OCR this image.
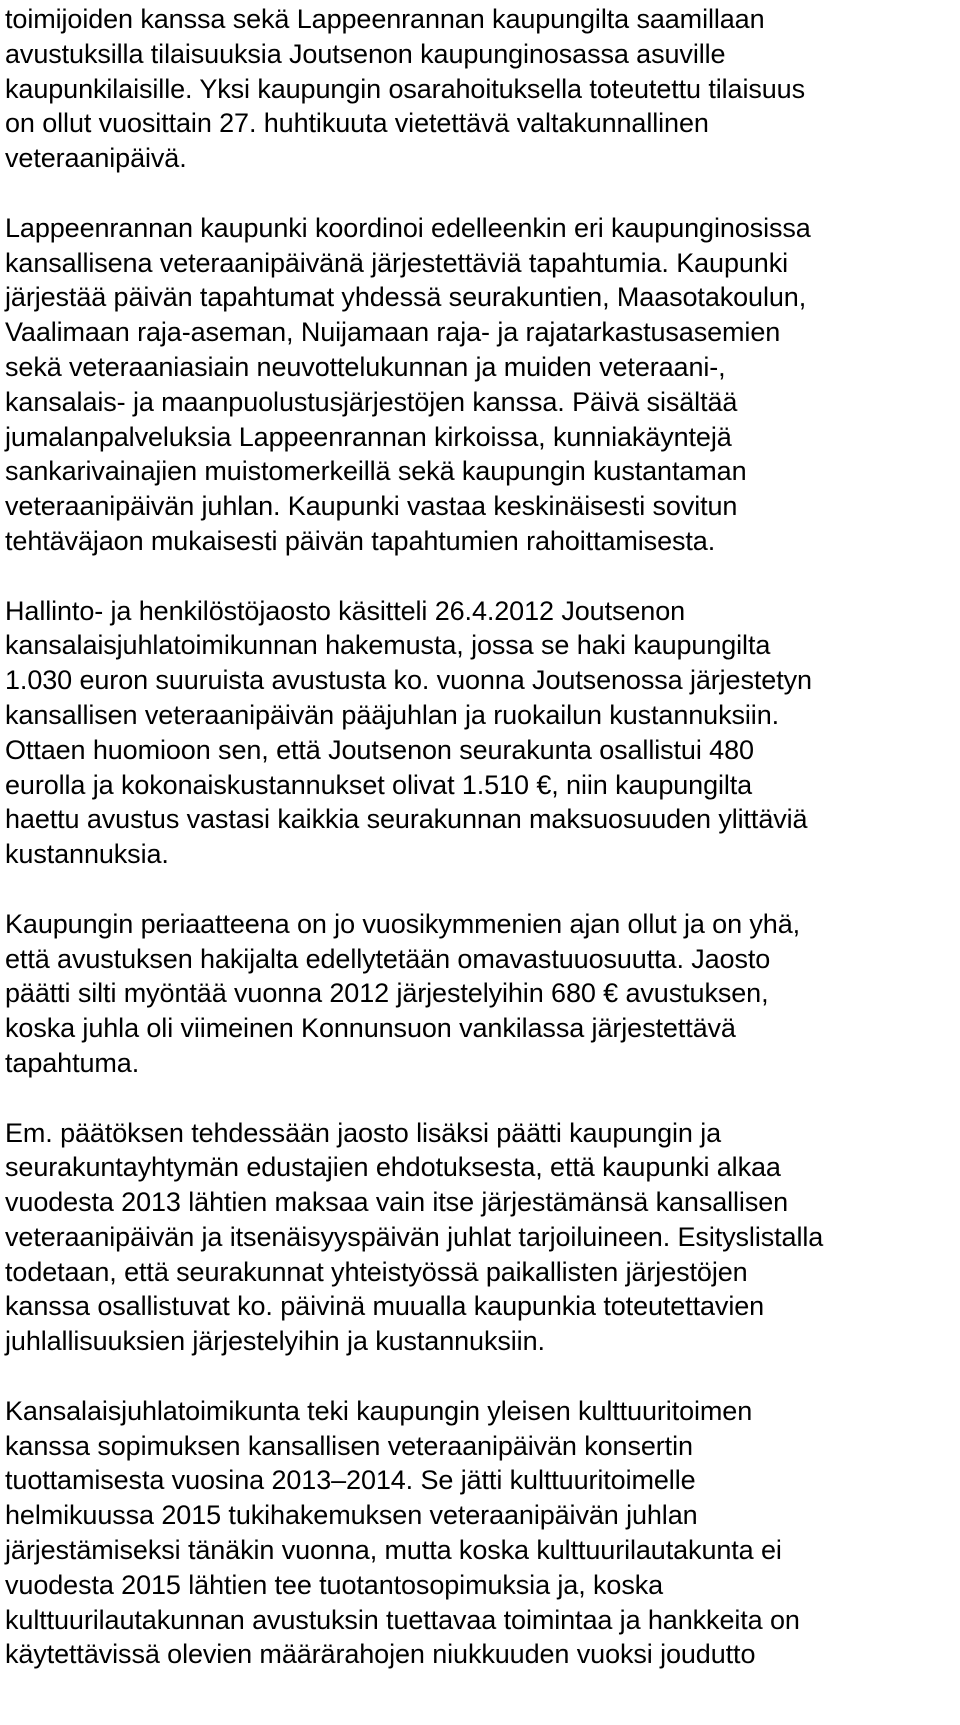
toimijoiden kanssa sekä Lappeenrannan kaupungilta saamillaan
avustuksilla tilaisuuksia Joutsenon kaupunginosassa asuville
kaupunkilaisille. Yksi kaupungin osarahoituksella toteutettu tilaisuus
on ollut vuosittain 27. huhtikuuta vietettävä valtakunnallinen
veteraanipäivä.

Lappeenrannan kaupunki koordinoi edelleenkin eri kaupunginosissa
kansallisena veteraanipäivänä järjestettäviä tapahtumia. Kaupunki
järjestää päivän tapahtumat yhdessä seurakuntien, Maasotakoulun,
Vaalimaan raja-aseman, Nuijamaan raja- ja rajatarkastusasemien
sekä veteraaniasiain neuvottelukunnan ja muiden veteraani-,
kansalais- ja maanpuolustusjärjestöjen kanssa. Päivä sisältää
jumalanpalveluksia Lappeenrannan kirkoissa, kunniakäyntejä
sankarivainajien muistomerkeillä sekä kaupungin kustantaman
veteraanipäivän juhlan. Kaupunki vastaa keskinäisesti sovitun
tehtäväjaon mukaisesti päivän tapahtumien rahoittamisesta.

Hallinto- ja henkilöstöjaosto käsitteli 26.4.2012 Joutsenon
kansalaisjuhlatoimikunnan hakemusta, jossa se haki kaupungilta
1.030 euron suuruista avustusta ko. vuonna Joutsenossa järjestetyn
kansallisen veteraanipäivän pääjuhlan ja ruokailun kustannuksiin.
Ottaen huomioon sen, että Joutsenon seurakunta osallistui 480
eurolla ja kokonaiskustannukset olivat 1.510 €, niin kaupungilta
haettu avustus vastasi kaikkia seurakunnan maksuosuuden ylittäviä
kustannuksia.

Kaupungin periaatteena on jo vuosikymmenien ajan ollut ja on yhä,
että avustuksen hakijalta edellytetään omavastuuosuutta. Jaosto
päätti silti myöntää vuonna 2012 järjestelyihin 680 € avustuksen,
koska juhla oli viimeinen Konnunsuon vankilassa järjestettävä
tapahtuma.

Em. päätöksen tehdessään jaosto lisäksi päätti kaupungin ja
seurakuntayhtymän edustajien ehdotuksesta, että kaupunki alkaa
vuodesta 2013 lähtien maksaa vain itse järjestämänsä kansallisen
veteraanipäivän ja itsenäisyyspäivän juhlat tarjoiluineen. Esityslistalla
todetaan, että seurakunnat yhteistyössä paikallisten järjestöjen
kanssa osallistuvat ko. päivinä muualla kaupunkia toteutettavien
juhlallisuuksien järjestelyihin ja kustannuksiin.

Kansalaisjuhlatoimikunta teki kaupungin yleisen kulttuuritoimen
kanssa sopimuksen kansallisen veteraanipäivän konsertin
tuottamisesta vuosina 2013–2014. Se jätti kulttuuritoimelle
helmikuussa 2015 tukihakemuksen veteraanipäivän juhlan
järjestämiseksi tänäkin vuonna, mutta koska kulttuurilautakunta ei
vuodesta 2015 lähtien tee tuotantosopimuksia ja, koska
kulttuurilautakunnan avustuksin tuettavaa toimintaa ja hankkeita on
käytettävissä olevien määrärahojen niukkuuden vuoksi joudutto
